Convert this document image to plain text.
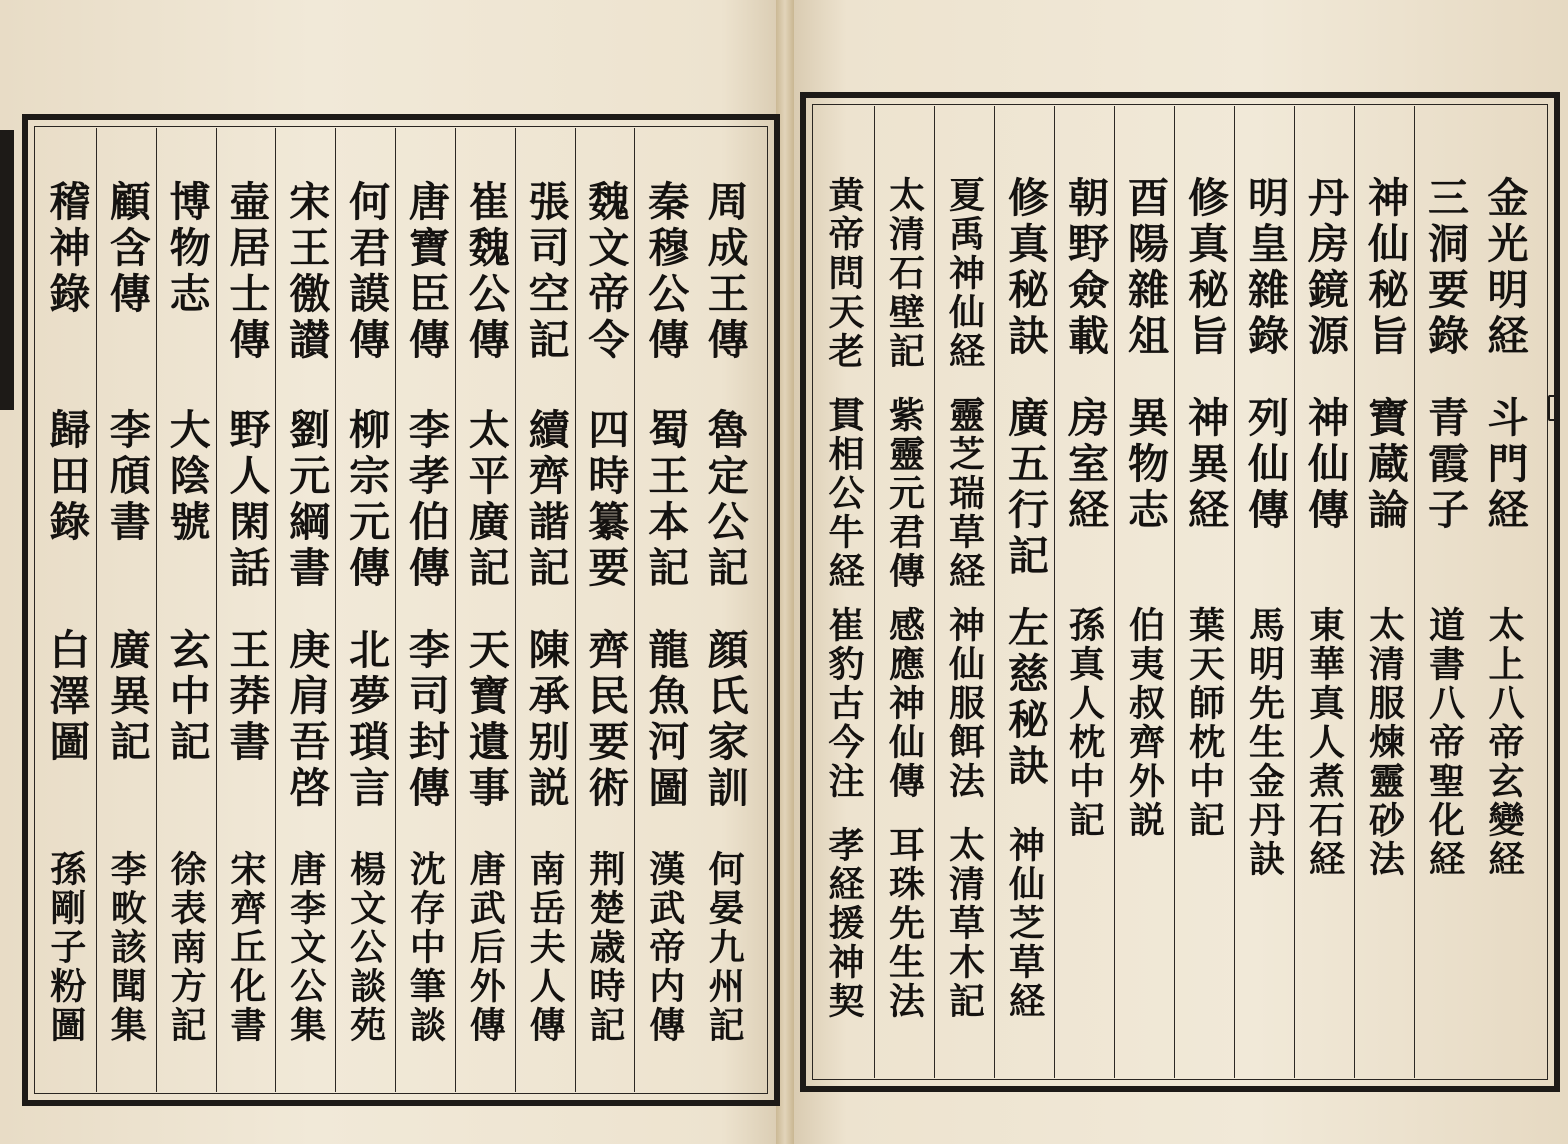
周成王傳
魯定公記
顔氏家訓
何晏九州記
秦穆公傳
蜀王本記
龍魚河圖
漢武帝内傳
魏文帝令
四時纂要
齊民要術
荆楚歳時記
張司空記
續齊諧記
陳承别説
南岳夫人傳
崔魏公傳
太平廣記
天寶遺事
唐武后外傳
唐寶臣傳
李孝伯傳
李司封傳
沈存中筆談
何君謨傳
柳宗元傳
北夢瑣言
楊文公談苑
宋王徼讃
劉元綱書
庚肩吾啓
唐李文公集
壷居士傳
野人閑話
王莽書
宋齊丘化書
博物志
大陰號
玄中記
徐表南方記
顧含傳
李頎書
廣異記
李畋該聞集
稽神錄
歸田錄
白澤圖
孫剛子粉圖
金光明経
斗門経
太上八帝玄變経
三洞要錄
青霞子
道書八帝聖化経
神仙秘旨
寶蔵論
太清服煉靈砂法
丹房鏡源
神仙傳
東華真人煮石経
明皇雜錄
列仙傳
馬明先生金丹訣
修真秘旨
神異経
葉天師枕中記
酉陽雜俎
異物志
伯夷叔齊外説
朝野僉載
房室経
孫真人枕中記
修真秘訣
廣五行記
左慈秘訣
神仙芝草経
夏禹神仙経
靈芝瑞草経
神仙服餌法
太清草木記
太清石壁記
紫靈元君傳
感應神仙傳
耳珠先生法
黄帝問天老
貫相公牛経
崔豹古今注
孝経援神契
